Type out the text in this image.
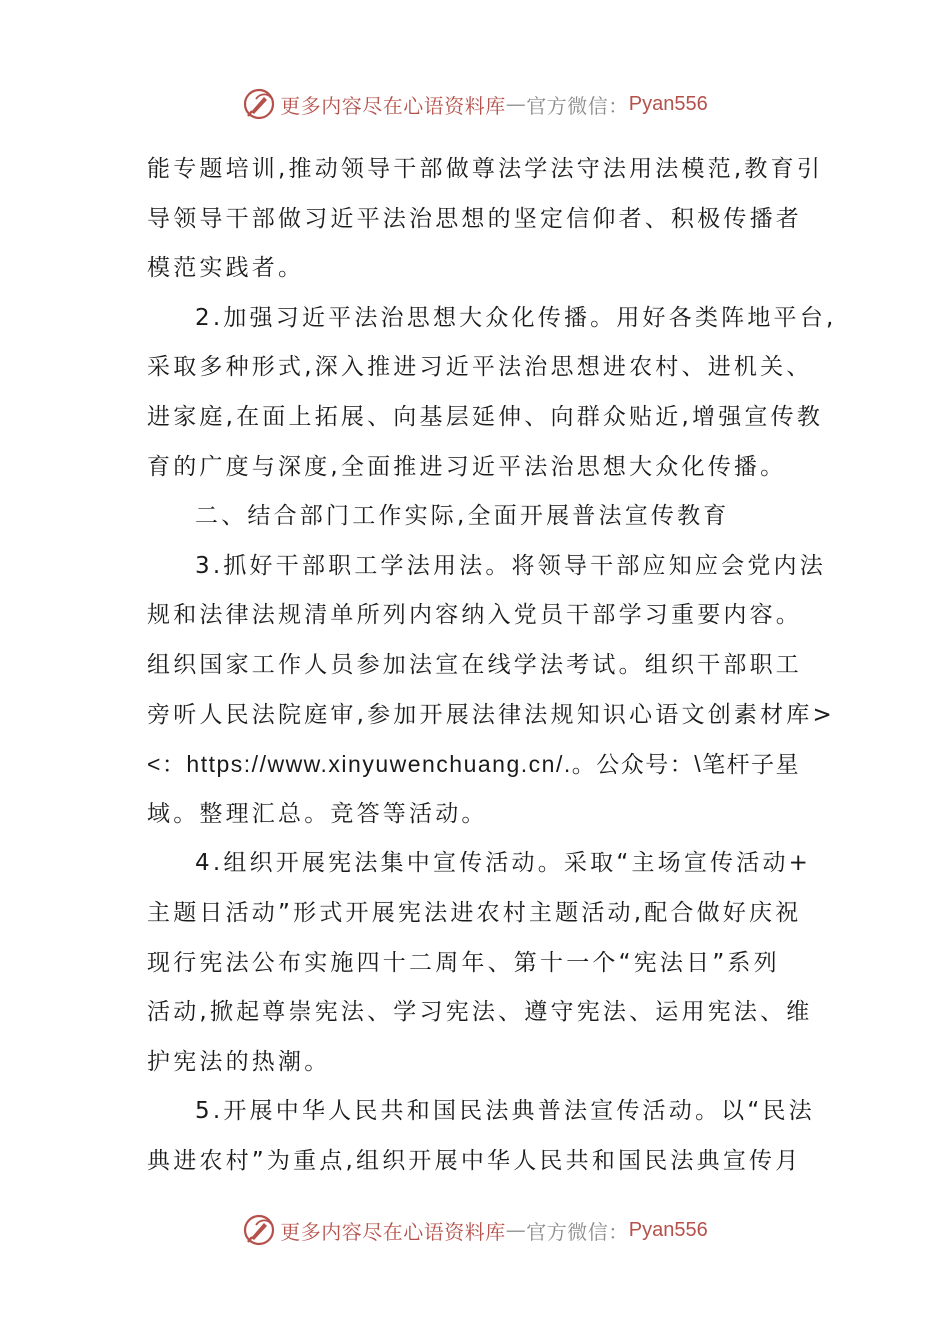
更多内容尽在心语资料库 — 官方微信： Pyan556
能专题培训,推动领导干部做尊法学法守法用法模范,教育引
导领导干部做习近平法治思想的坚定信仰者、积极传播者
模范实践者。
2.加强习近平法治思想大众化传播。用好各类阵地平台,
采取多种形式,深入推进习近平法治思想进农村、进机关、
进家庭,在面上拓展、向基层延伸、向群众贴近,增强宣传教
育的广度与深度,全面推进习近平法治思想大众化传播。
二、结合部门工作实际,全面开展普法宣传教育
3.抓好干部职工学法用法。将领导干部应知应会党内法
规和法律法规清单所列内容纳入党员干部学习重要内容。
组织国家工作人员参加法宣在线学法考试。组织干部职工
旁听人民法院庭审,参加开展法律法规知识心语文创素材库>
<：https://www.xinyuwenchuang.cn/.。公众号：\笔杆子星
域。整理汇总。竞答等活动。
4.组织开展宪法集中宣传活动。采取“主场宣传活动+
主题日活动”形式开展宪法进农村主题活动,配合做好庆祝
现行宪法公布实施四十二周年、第十一个“宪法日”系列
活动,掀起尊崇宪法、学习宪法、遵守宪法、运用宪法、维
护宪法的热潮。
5.开展中华人民共和国民法典普法宣传活动。以“民法
典进农村”为重点,组织开展中华人民共和国民法典宣传月
更多内容尽在心语资料库 — 官方微信： Pyan556
